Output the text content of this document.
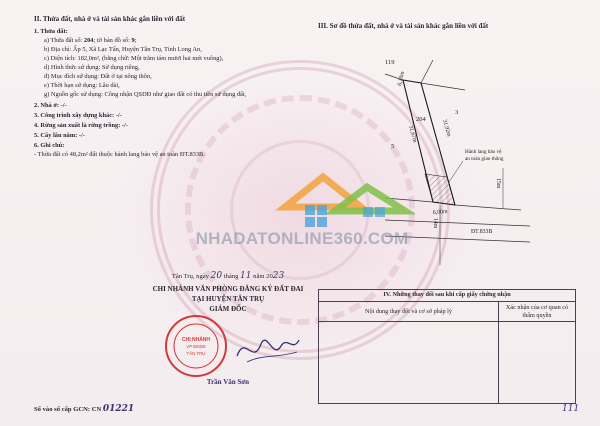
II. Thửa đất, nhà ở và tài sản khác gắn liền với đất
1. Thửa đất:
a) Thửa đất số: 204; tờ bản đồ số: 9;
b) Địa chỉ: Ấp 5, Xã Lạc Tấn, Huyện Tân Trụ, Tỉnh Long An,
c) Diện tích: 182,0m², (bằng chữ: Một trăm tám mươi hai mét vuông),
d) Hình thức sử dụng: Sử dụng riêng,
đ) Mục đích sử dụng: Đất ở tại nông thôn,
e) Thời hạn sử dụng: Lâu dài,
g) Nguồn gốc sử dụng: Công nhận QSDĐ như giao đất có thu tiền sử dụng đất,
2. Nhà ở: -/-
3. Công trình xây dựng khác: -/-
4. Rừng sản xuất là rừng trồng: -/-
5. Cây lâu năm: -/-
6. Ghi chú:
- Thửa đất có 48,2m² đất thuộc hành lang bảo vệ an toàn ĐT.833B.
III. Sơ đồ thửa đất, nhà ở và tài sản khác gắn liền với đất
119
204
3
5
6,10m
31,92m
31,67m
6,00m
15m
14m
ĐT.833B
Hành lang bảo vệ
an toàn giao thông
NHADATONLINE360.COM
Tân Trụ, ngày 20 tháng 11 năm 2023
CHI NHÁNH VĂN PHÒNG ĐĂNG KÝ ĐẤT ĐAI
TẠI HUYỆN TÂN TRỤ
GIÁM ĐỐC
CHI NHÁNH
VP ĐKĐĐ
TÂN TRỤ
Trần Văn Sơn
IV. Những thay đổi sau khi cấp giấy chứng nhận	
Nội dung thay đổi và cơ sở pháp lý	Xác nhận của cơ quan có thẩm quyền

Số vào sổ cấp GCN: CN 01221	111
